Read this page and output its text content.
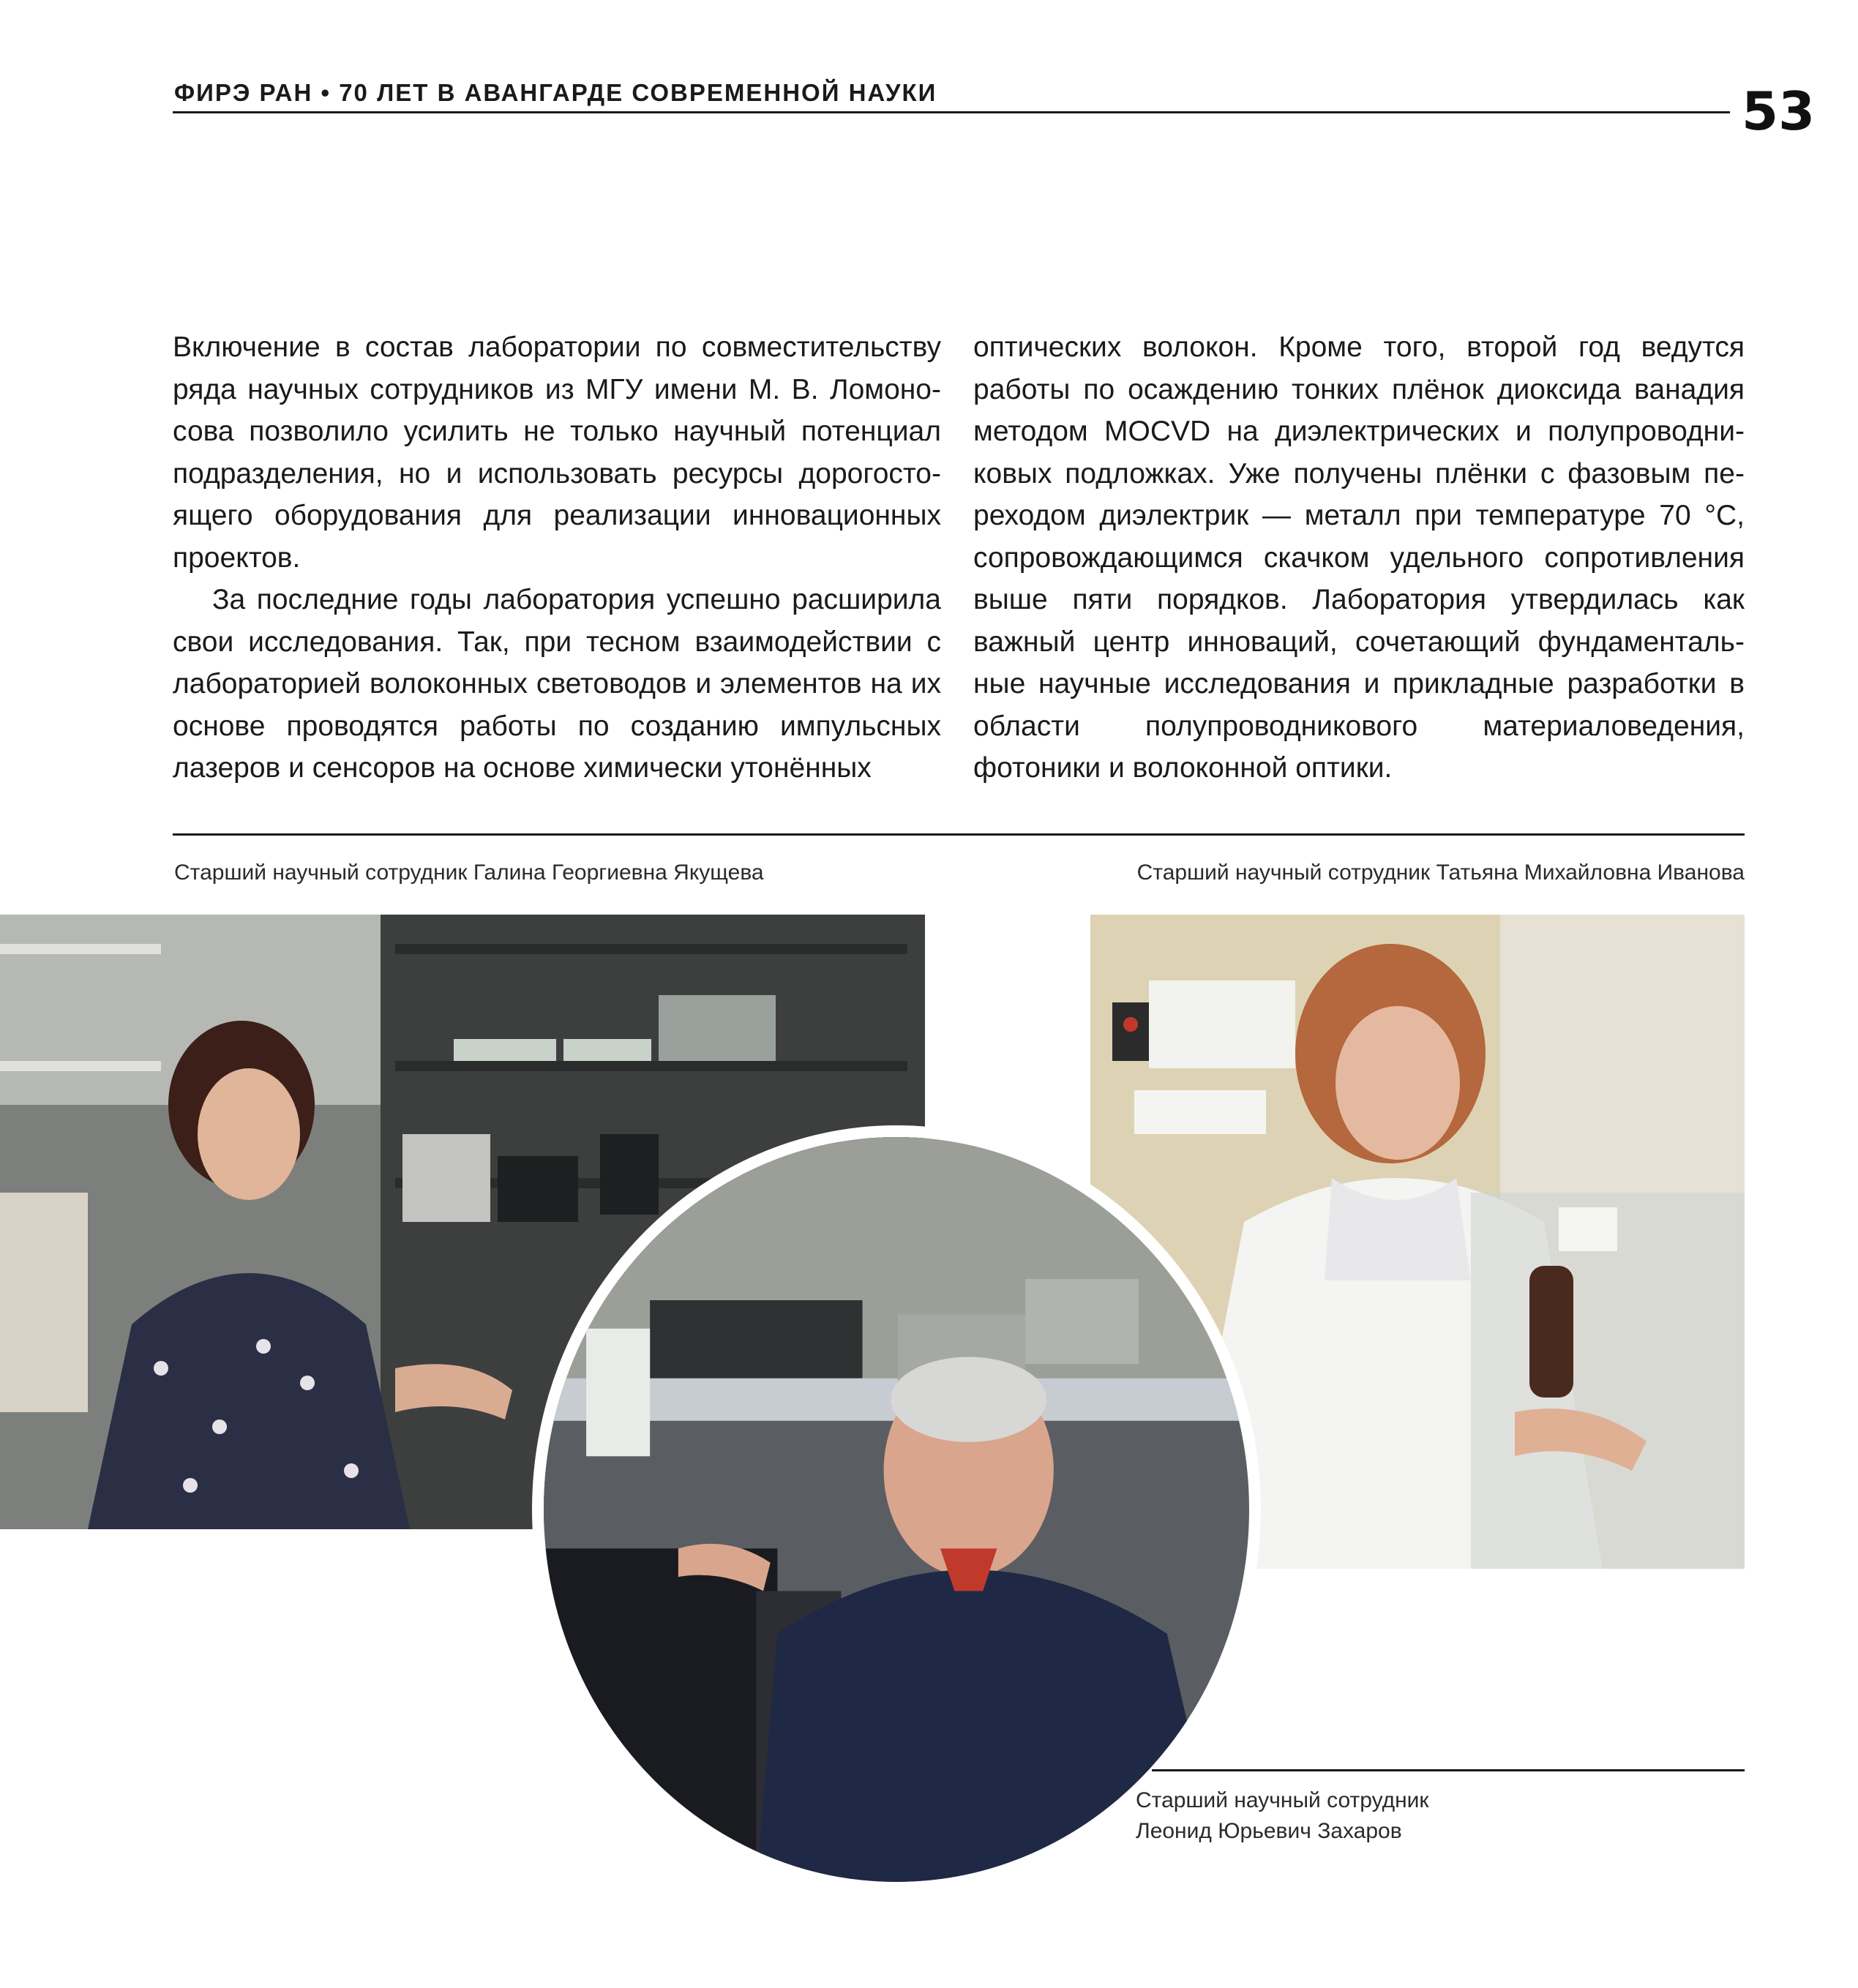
ФИРЭ РАН • 70 ЛЕТ В АВАНГАРДЕ СОВРЕМЕННОЙ НАУКИ	53

Включение в состав лаборатории по совместительству ряда научных сотрудников из МГУ имени М. В. Ломоносова позволило усилить не только научный потенциал подразделения, но и использовать ресурсы дорогостоящего оборудования для реализации инновационных проектов.

За последние годы лаборатория успешно расширила свои исследования. Так, при тесном взаимодействии с лабораторией волоконных световодов и элементов на их основе проводятся работы по созданию импульсных лазеров и сенсоров на основе химически утонённых

оптических волокон. Кроме того, второй год ведутся работы по осаждению тонких плёнок диоксида ванадия методом MOCVD на диэлектрических и полупроводниковых подложках. Уже получены плёнки с фазовым переходом диэлектрик — металл при температуре 70 °C, сопровождающимся скачком удельного сопротивления выше пяти порядков. Лаборатория утвердилась как важный центр инноваций, сочетающий фундаментальные научные исследования и прикладные разработки в области полупроводникового материаловедения, фотоники и волоконной оптики.

Старший научный сотрудник Галина Георгиевна Якущева	Старший научный сотрудник Татьяна Михайловна Иванова
Старший научный сотрудник
Леонид Юрьевич Захаров
